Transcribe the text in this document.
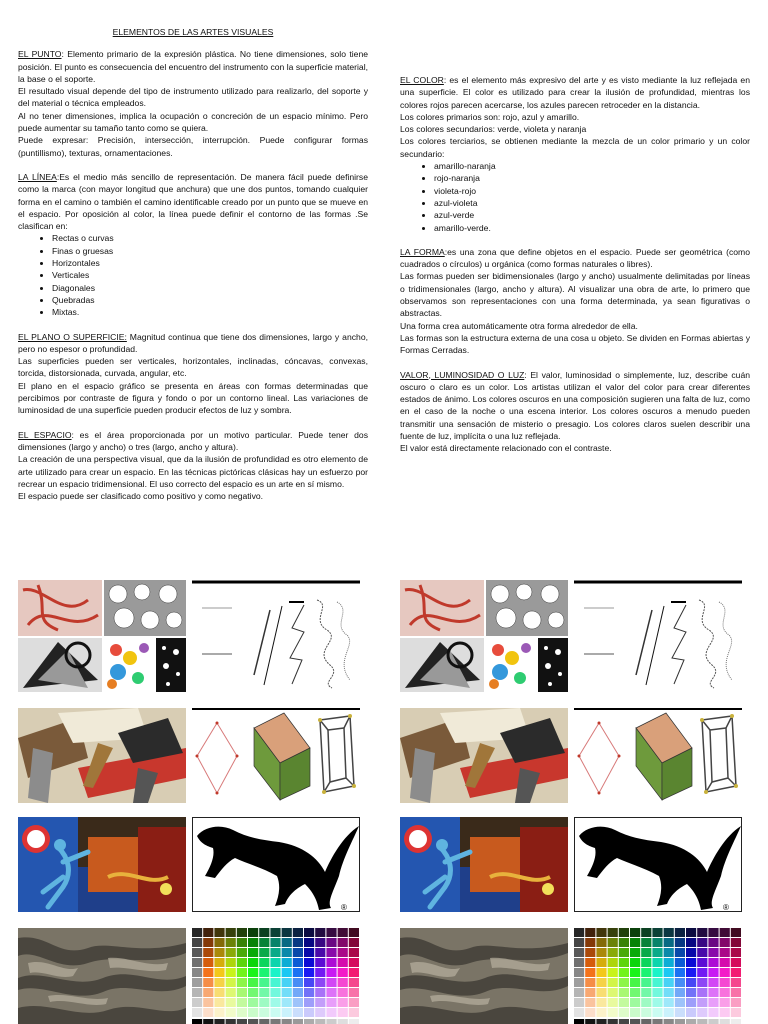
ELEMENTOS DE LAS ARTES VISUALES

EL PUNTO: Elemento primario de la expresión plástica. No tiene dimensiones, solo tiene posición. El punto es consecuencia del encuentro del instrumento con la superficie material, la base o el soporte.

El resultado visual depende del tipo de instrumento utilizado para realizarlo, del soporte y del material o técnica empleados.

Al no tener dimensiones, implica la ocupación o concreción de un espacio mínimo. Pero puede aumentar su tamaño tanto como se quiera.

Puede expresar: Precisión, intersección, interrupción. Puede configurar formas (puntillismo), texturas, ornamentaciones.

LA LÍNEA:Es el medio más sencillo de representación. De manera fácil puede definirse como la marca (con mayor longitud que anchura) que une dos puntos, tomando cualquier forma en el camino o también el camino identificable creado por un punto que se mueve en el espacio. Por oposición al color, la línea puede definir el contorno de las formas .Se clasifican en:

• Rectas o curvas
• Finas o gruesas
• Horizontales
• Verticales
• Diagonales
• Quebradas
• Mixtas.

EL PLANO O SUPERFICIE: Magnitud continua que tiene dos dimensiones, largo y ancho, pero no espesor o profundidad.

Las superficies pueden ser verticales, horizontales, inclinadas, cóncavas, convexas, torcida, distorsionada, curvada, angular, etc.

El plano en el espacio gráfico se presenta en áreas con formas determinadas que percibimos por contraste de figura y fondo o por un contorno lineal. Las variaciones de luminosidad de una superficie pueden producir efectos de luz y sombra.

EL ESPACIO: es el área proporcionada por un motivo particular. Puede tener dos dimensiones (largo y ancho) o tres (largo, ancho y altura).

La creación de una perspectiva visual, que da la ilusión de profundidad es otro elemento de arte utilizado para crear un espacio. En las técnicas pictóricas clásicas hay un esfuerzo por recrear un espacio tridimensional. El uso correcto del espacio es un arte en sí mismo.

El espacio puede ser clasificado como positivo y como negativo.

EL COLOR: es el elemento más expresivo del arte y es visto mediante la luz reflejada en una superficie. El color es utilizado para crear la ilusión de profundidad, mientras los colores rojos parecen acercarse, los azules parecen retroceder en la distancia.

Los colores primarios son: rojo, azul y amarillo.

Los colores secundarios: verde, violeta y naranja

Los colores terciarios, se obtienen mediante la mezcla de un color primario y un color secundario:

• amarillo-naranja
• rojo-naranja
• violeta-rojo
• azul-violeta
• azul-verde
• amarillo-verde.

LA FORMA:es una zona que define objetos en el espacio. Puede ser geométrica (como cuadrados o círculos) u orgánica (como formas naturales o libres).

Las formas pueden ser bidimensionales (largo y ancho) usualmente delimitadas por líneas o tridimensionales (largo, ancho y altura). Al visualizar una obra de arte, lo primero que observamos son representaciones con una forma determinada, ya sean figurativas o abstractas.

Una forma crea automáticamente otra forma alrededor de ella.

Las formas son la estructura externa de una cosa u objeto. Se dividen en Formas abiertas y Formas Cerradas.

VALOR, LUMINOSIDAD O LUZ: El valor, luminosidad o simplemente, luz, describe cuán oscuro o claro es un color. Los artistas utilizan el valor del color para crear diferentes estados de ánimo. Los colores oscuros en una composición sugieren una falta de luz, como en el caso de la noche o una escena interior. Los colores oscuros a menudo pueden transmitir una sensación de misterio o presagio. Los colores claros suelen describir una fuente de luz, implícita o una luz reflejada.

El valor está directamente relacionado con el contraste.

®	®
